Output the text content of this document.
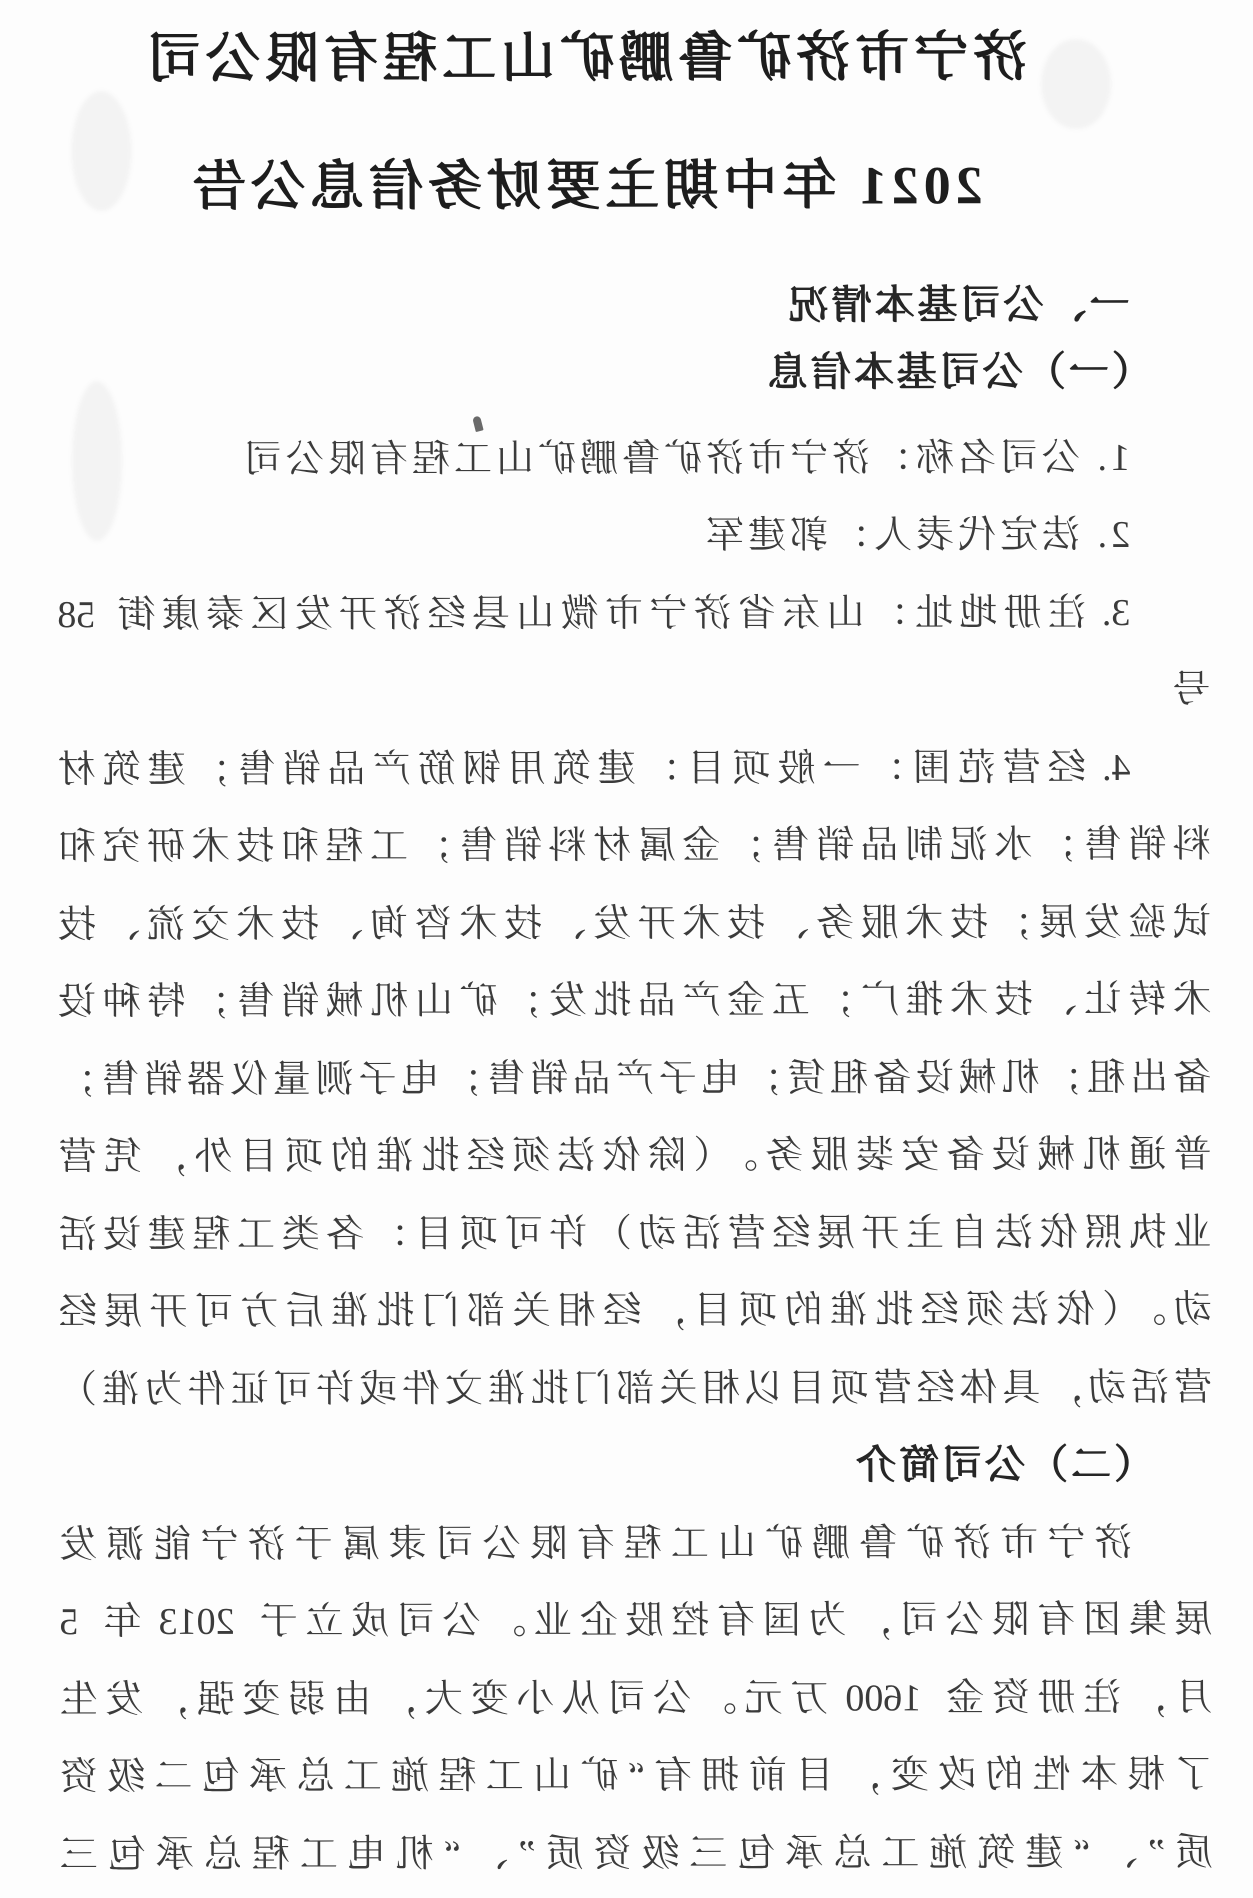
济宁市济矿鲁鹏矿山工程有限公司
2021 年中期主要财务信息公告
一、公司基本情况
（一）公司基本信息
1. 公司名称：济宁市济矿鲁鹏矿山工程有限公司
2. 法定代表人：郭建军
3. 注册地址：山东省济宁市微山县经济开发区泰康街 58
号
4. 经营范围：一般项目：建筑用钢筋产品销售；建筑材
料销售；水泥制品销售；金属材料销售；工程和技术研究和
试验发展；技术服务、技术开发、技术咨询、技术交流、技
术转让、技术推广；五金产品批发；矿山机械销售；特种设
备出租；机械设备租赁；电子产品销售；电子测量仪器销售；
普通机械设备安装服务。（除依法须经批准的项目外，凭营
业执照依法自主开展经营活动）许可项目：各类工程建设活
动。（依法须经批准的项目，经相关部门批准后方可开展经
营活动，具体经营项目以相关部门批准文件或许可证件为准）
（二）公司简介
济宁市济矿鲁鹏矿山工程有限公司隶属于济宁能源发
展集团有限公司，为国有控股企业。公司成立于 2013 年 5
月，注册资金 1600 万元。公司从小变大，由弱变强，发生
了根本性的改变，目前拥有“矿山工程施工总承包二级资
质”、“建筑施工总承包三级资质”、“机电工程总承包三
